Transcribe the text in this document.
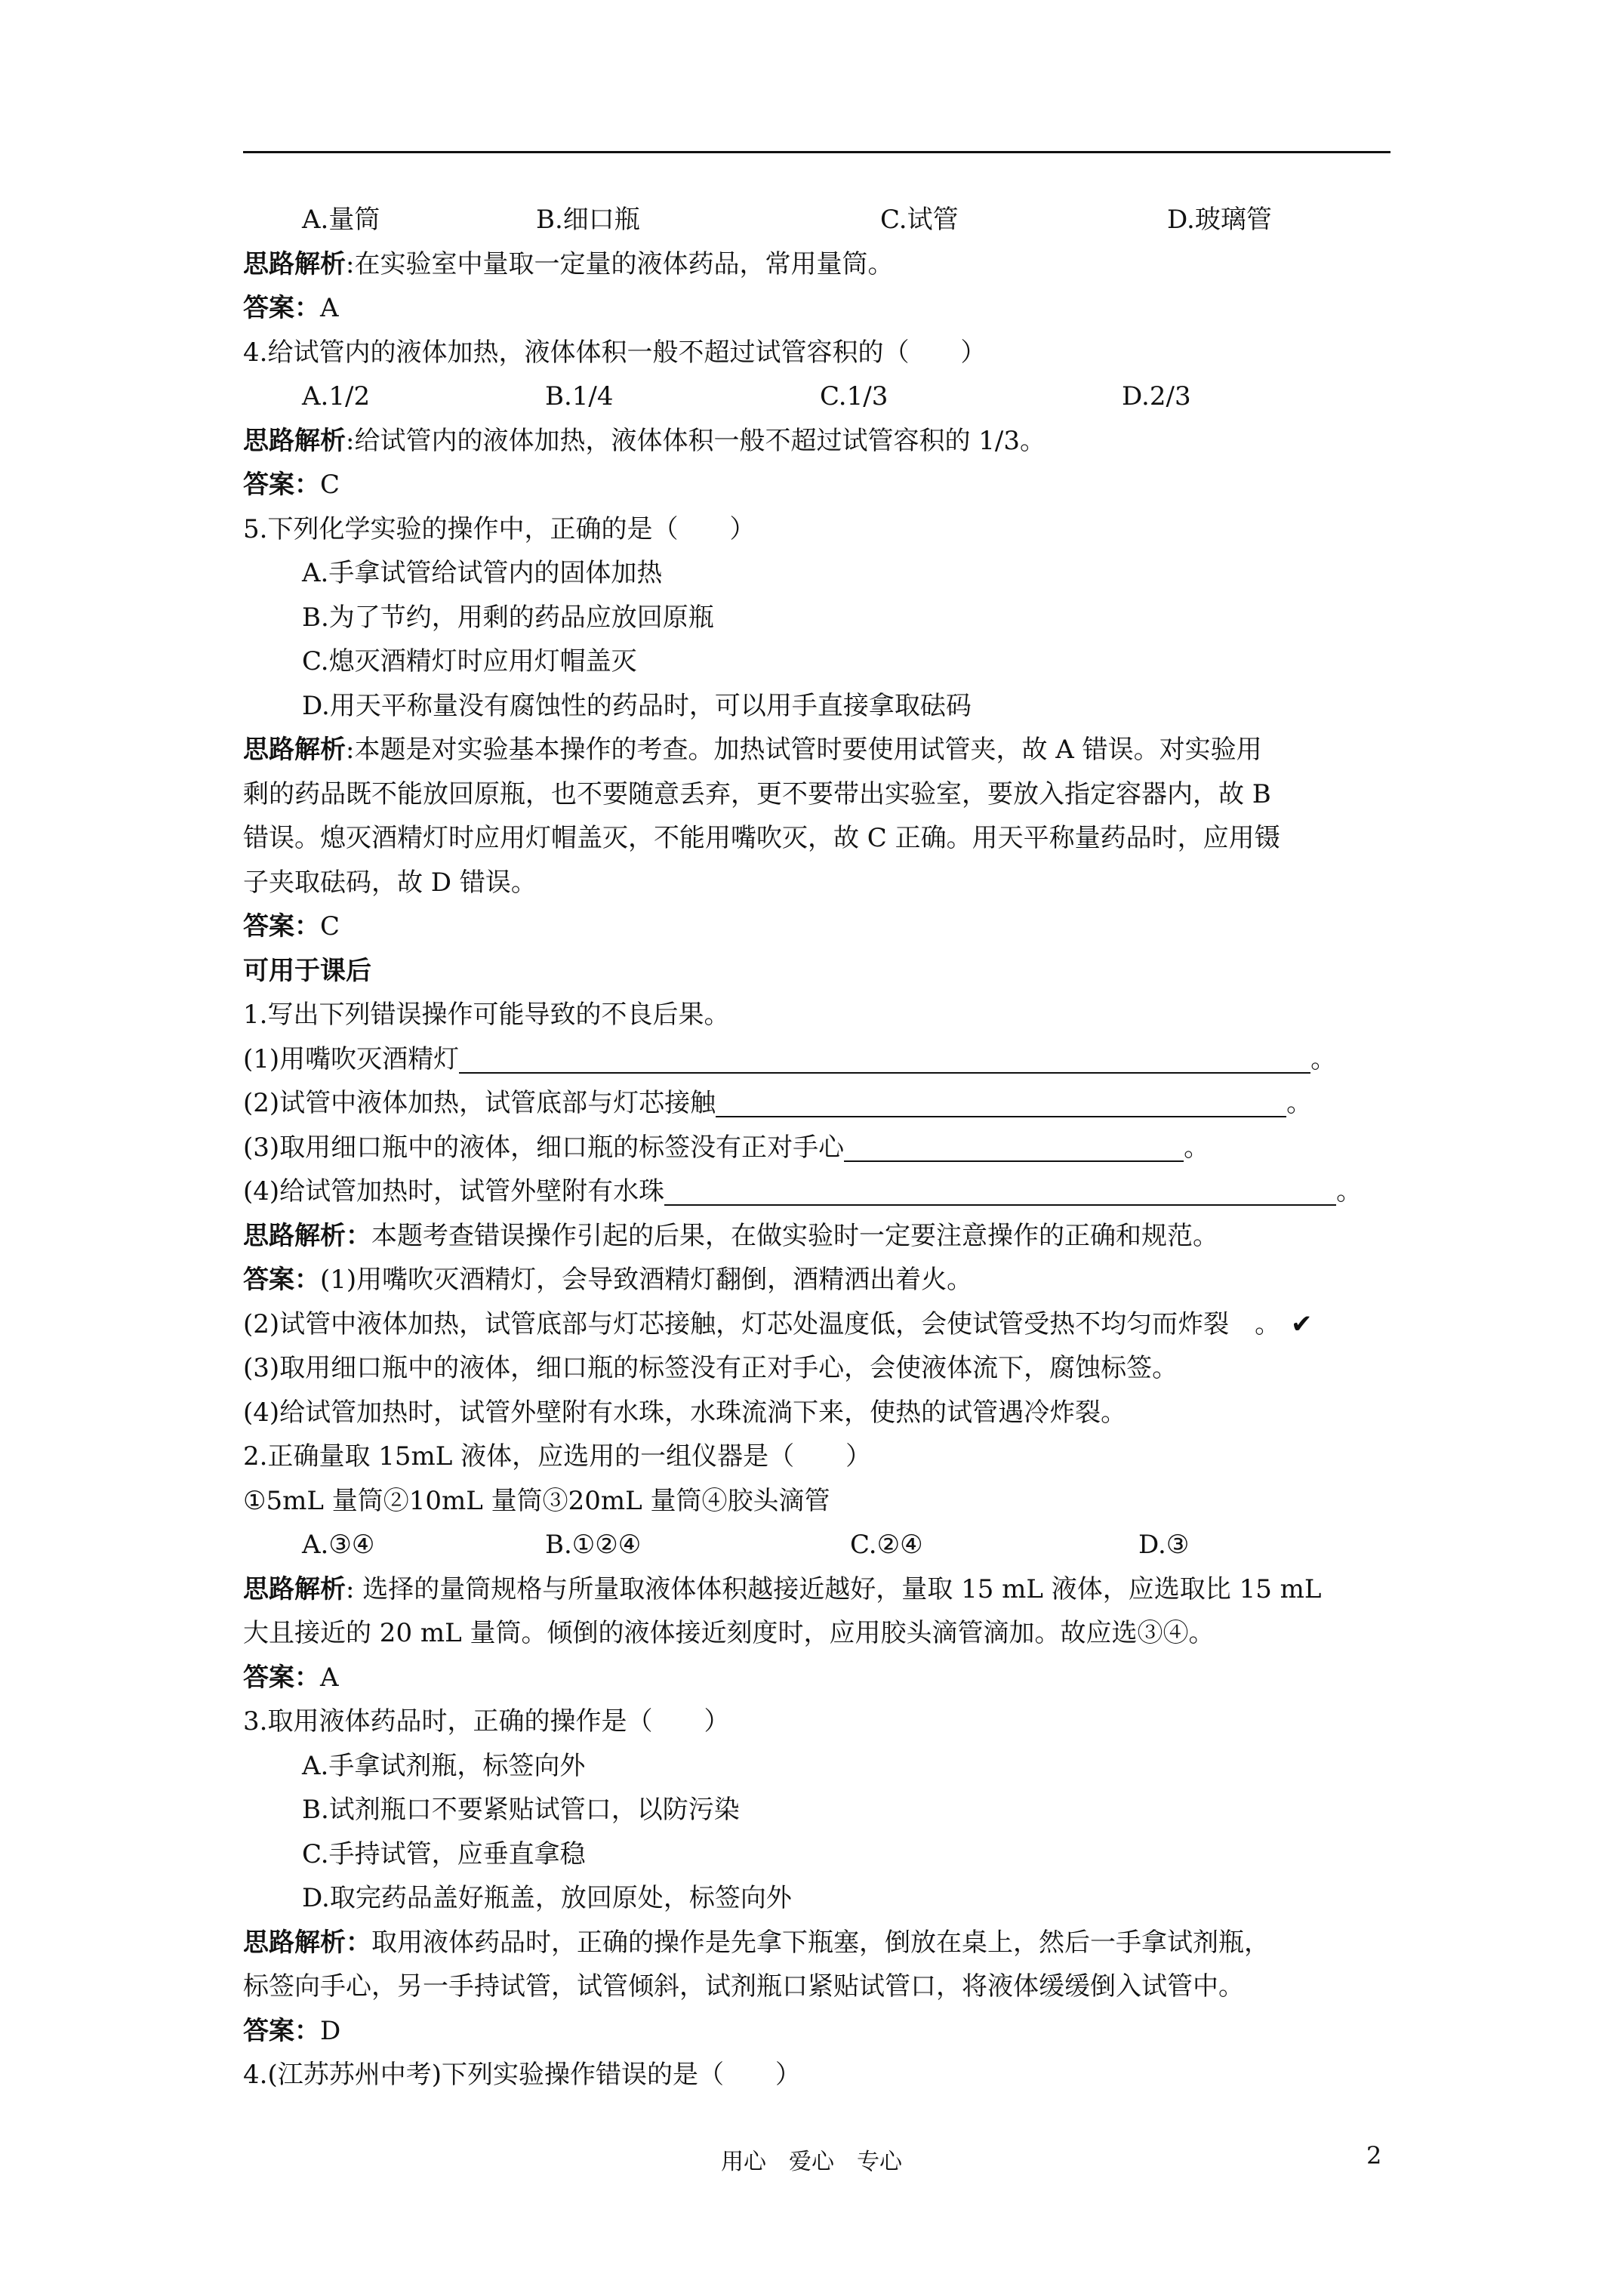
A.量筒	B.细口瓶	C.试管	D.玻璃管
思路解析:在实验室中量取一定量的液体药品，常用量筒。
答案：A
4.给试管内的液体加热，液体体积一般不超过试管容积的（　　）
A.1/2	B.1/4	C.1/3	D.2/3
思路解析:给试管内的液体加热，液体体积一般不超过试管容积的 1/3。
答案：C
5.下列化学实验的操作中，正确的是（　　）
A.手拿试管给试管内的固体加热
B.为了节约，用剩的药品应放回原瓶
C.熄灭酒精灯时应用灯帽盖灭
D.用天平称量没有腐蚀性的药品时，可以用手直接拿取砝码
思路解析:本题是对实验基本操作的考查。加热试管时要使用试管夹，故 A 错误。对实验用
剩的药品既不能放回原瓶，也不要随意丢弃，更不要带出实验室，要放入指定容器内，故 B
错误。熄灭酒精灯时应用灯帽盖灭，不能用嘴吹灭，故 C 正确。用天平称量药品时，应用镊
子夹取砝码，故 D 错误。
答案：C
可用于课后
1.写出下列错误操作可能导致的不良后果。
(1)用嘴吹灭酒精灯	。
(2)试管中液体加热，试管底部与灯芯接触	。
(3)取用细口瓶中的液体，细口瓶的标签没有正对手心	。
(4)给试管加热时，试管外壁附有水珠	。
思路解析：本题考查错误操作引起的后果，在做实验时一定要注意操作的正确和规范。
答案：(1)用嘴吹灭酒精灯，会导致酒精灯翻倒，酒精洒出着火。
(2)试管中液体加热，试管底部与灯芯接触，灯芯处温度低，会使试管受热不均匀而炸裂　。 ✔
(3)取用细口瓶中的液体，细口瓶的标签没有正对手心，会使液体流下，腐蚀标签。
(4)给试管加热时，试管外壁附有水珠，水珠流淌下来，使热的试管遇冷炸裂。
2.正确量取 15mL 液体，应选用的一组仪器是（　　）
①5mL 量筒②10mL 量筒③20mL 量筒④胶头滴管
A.③④	B.①②④	C.②④	D.③
思路解析: 选择的量筒规格与所量取液体体积越接近越好，量取 15 mL 液体，应选取比 15 mL
大且接近的 20 mL 量筒。倾倒的液体接近刻度时，应用胶头滴管滴加。故应选③④。
答案：A
3.取用液体药品时，正确的操作是（　　）
A.手拿试剂瓶，标签向外
B.试剂瓶口不要紧贴试管口，以防污染
C.手持试管，应垂直拿稳
D.取完药品盖好瓶盖，放回原处，标签向外
思路解析：取用液体药品时，正确的操作是先拿下瓶塞，倒放在桌上，然后一手拿试剂瓶，
标签向手心，另一手持试管，试管倾斜，试剂瓶口紧贴试管口，将液体缓缓倒入试管中。
答案：D
4.(江苏苏州中考)下列实验操作错误的是（　　）
用心　爱心　专心	2
